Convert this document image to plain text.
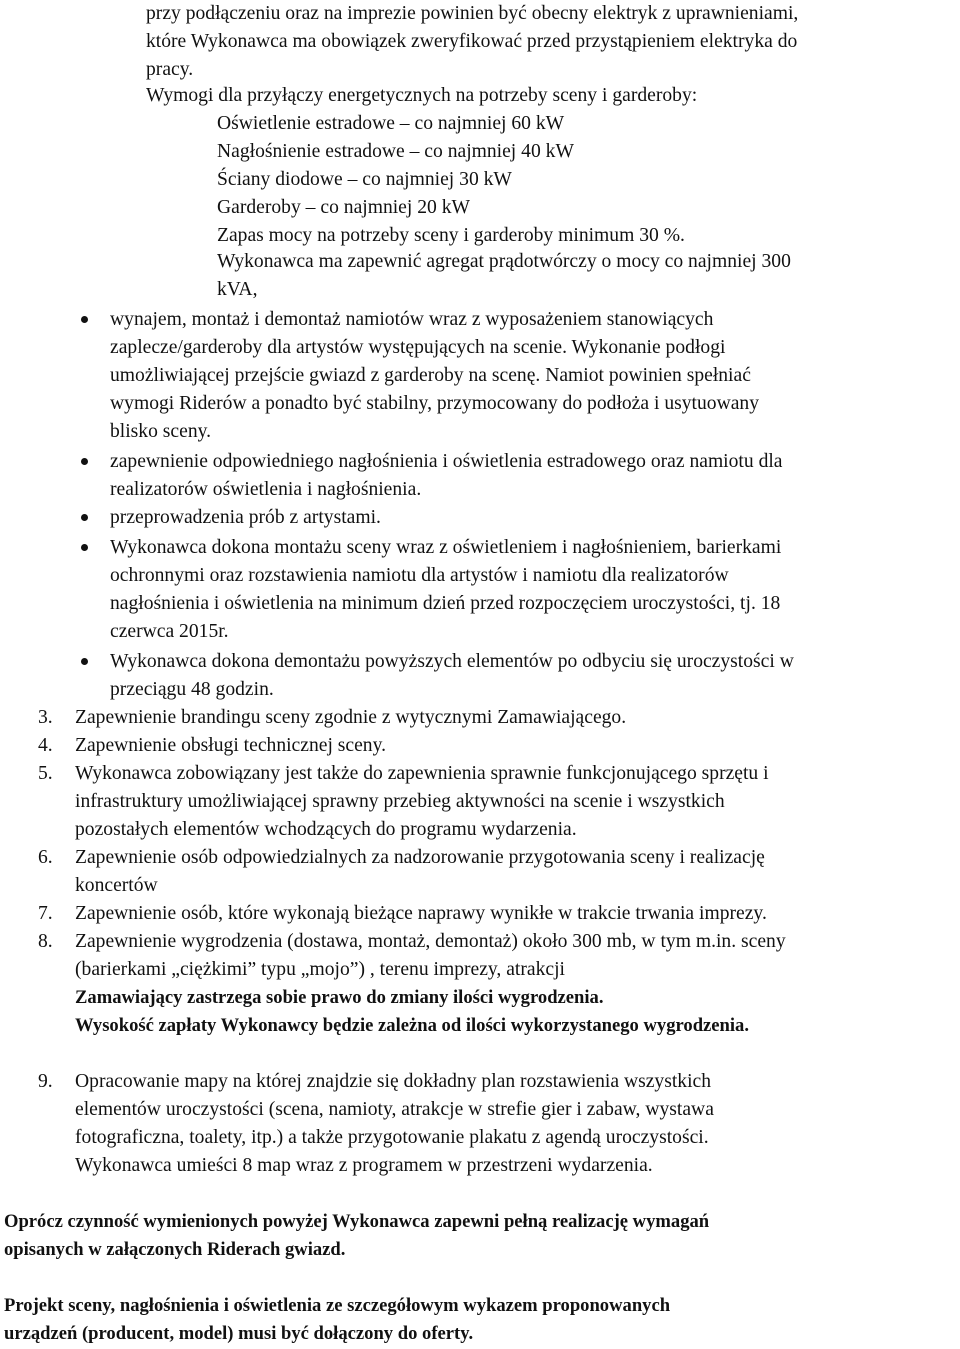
przy podłączeniu oraz na imprezie powinien być obecny elektryk z uprawnieniami,
które Wykonawca ma obowiązek zweryfikować przed przystąpieniem elektryka do
pracy.
Wymogi dla przyłączy energetycznych na potrzeby sceny i garderoby:
Oświetlenie estradowe – co najmniej 60 kW
Nagłośnienie estradowe – co najmniej 40 kW
Ściany diodowe – co najmniej 30 kW
Garderoby – co najmniej 20 kW
Zapas mocy na potrzeby sceny i garderoby minimum 30 %.
Wykonawca ma zapewnić agregat prądotwórczy o mocy co najmniej 300
kVA,
wynajem, montaż i demontaż namiotów wraz z wyposażeniem stanowiących
zaplecze/garderoby dla artystów występujących na scenie. Wykonanie podłogi
umożliwiającej przejście gwiazd z garderoby na scenę. Namiot powinien spełniać
wymogi Riderów a ponadto być stabilny, przymocowany do podłoża i usytuowany
blisko sceny.
zapewnienie odpowiedniego nagłośnienia i oświetlenia estradowego oraz namiotu dla
realizatorów oświetlenia i nagłośnienia.
przeprowadzenia prób z artystami.
Wykonawca dokona montażu sceny wraz z oświetleniem i nagłośnieniem, barierkami
ochronnymi oraz rozstawienia namiotu dla artystów i namiotu dla realizatorów
nagłośnienia i oświetlenia na minimum dzień przed rozpoczęciem uroczystości, tj. 18
czerwca 2015r.
Wykonawca dokona demontażu powyższych elementów po odbyciu się uroczystości w
przeciągu 48 godzin.
3. Zapewnienie brandingu sceny zgodnie z wytycznymi Zamawiającego.
4. Zapewnienie obsługi technicznej sceny.
5. Wykonawca zobowiązany jest także do zapewnienia sprawnie funkcjonującego sprzętu i
infrastruktury umożliwiającej sprawny przebieg aktywności na scenie i wszystkich
pozostałych elementów wchodzących do programu wydarzenia.
6. Zapewnienie osób odpowiedzialnych za nadzorowanie przygotowania sceny i realizację
koncertów
7. Zapewnienie osób, które wykonają bieżące naprawy wynikłe w trakcie trwania imprezy.
8. Zapewnienie wygrodzenia (dostawa, montaż, demontaż) około 300 mb, w tym m.in. sceny
(barierkami „ciężkimi” typu „mojo”) , terenu imprezy, atrakcji
Zamawiający zastrzega sobie prawo do zmiany ilości wygrodzenia.
Wysokość zapłaty Wykonawcy będzie zależna od ilości wykorzystanego wygrodzenia.
9. Opracowanie mapy na której znajdzie się dokładny plan rozstawienia wszystkich
elementów uroczystości (scena, namioty, atrakcje w strefie gier i zabaw, wystawa
fotograficzna, toalety, itp.) a także przygotowanie plakatu z agendą uroczystości.
Wykonawca umieści 8 map wraz z programem w przestrzeni wydarzenia.
Oprócz czynność wymienionych powyżej Wykonawca zapewni pełną realizację wymagań
opisanych w załączonych Riderach gwiazd.
Projekt sceny, nagłośnienia i oświetlenia ze szczegółowym wykazem proponowanych
urządzeń (producent, model) musi być dołączony do oferty.
